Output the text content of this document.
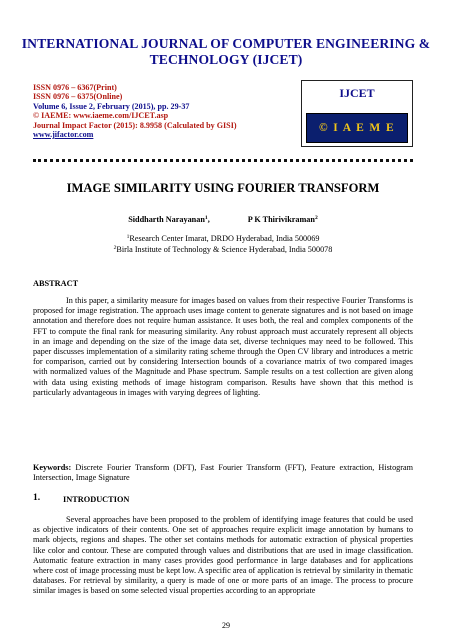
INTERNATIONAL JOURNAL OF COMPUTER ENGINEERING &
TECHNOLOGY (IJCET)
ISSN 0976 – 6367(Print)
ISSN 0976 – 6375(Online)
Volume 6, Issue 2, February (2015), pp. 29-37
© IAEME: www.iaeme.com/IJCET.asp
Journal Impact Factor (2015): 8.9958 (Calculated by GISI)
www.jifactor.com
IJCET
© I A E M E
IMAGE SIMILARITY USING FOURIER TRANSFORM
Siddharth Narayanan$^1$,	P K Thirivikraman$^2$
$^1$Research Center Imarat, DRDO Hyderabad, India 500069
$^2$Birla Institute of Technology & Science Hyderabad, India 500078
ABSTRACT
In this paper, a similarity measure for images based on values from their respective Fourier Transforms is proposed for image registration. The approach uses image content to generate signatures and is not based on image annotation and therefore does not require human assistance. It uses both, the real and complex components of the FFT to compute the final rank for measuring similarity. Any robust approach must accurately represent all objects in an image and depending on the size of the image data set, diverse techniques may need to be followed. This paper discusses implementation of a similarity rating scheme through the Open CV library and introduces a metric for comparison, carried out by considering Intersection bounds of a covariance matrix of two compared images with normalized values of the Magnitude and Phase spectrum. Sample results on a test collection are given along with data using existing methods of image histogram comparison. Results have shown that this method is particularly advantageous in images with varying degrees of lighting.
Keywords: Discrete Fourier Transform (DFT), Fast Fourier Transform (FFT), Feature extraction, Histogram Intersection, Image Signature
1.	INTRODUCTION
Several approaches have been proposed to the problem of identifying image features that could be used as objective indicators of their contents. One set of approaches require explicit image annotation by humans to mark objects, regions and shapes. The other set contains methods for automatic extraction of physical properties like color and contour. These are computed through values and distributions that are used in image classification. Automatic feature extraction in many cases provides good performance in large databases and for applications where cost of image processing must be kept low. A specific area of application is retrieval by similarity in thematic databases. For retrieval by similarity, a query is made of one or more parts of an image. The process to procure similar images is based on some selected visual properties according to an appropriate
29
